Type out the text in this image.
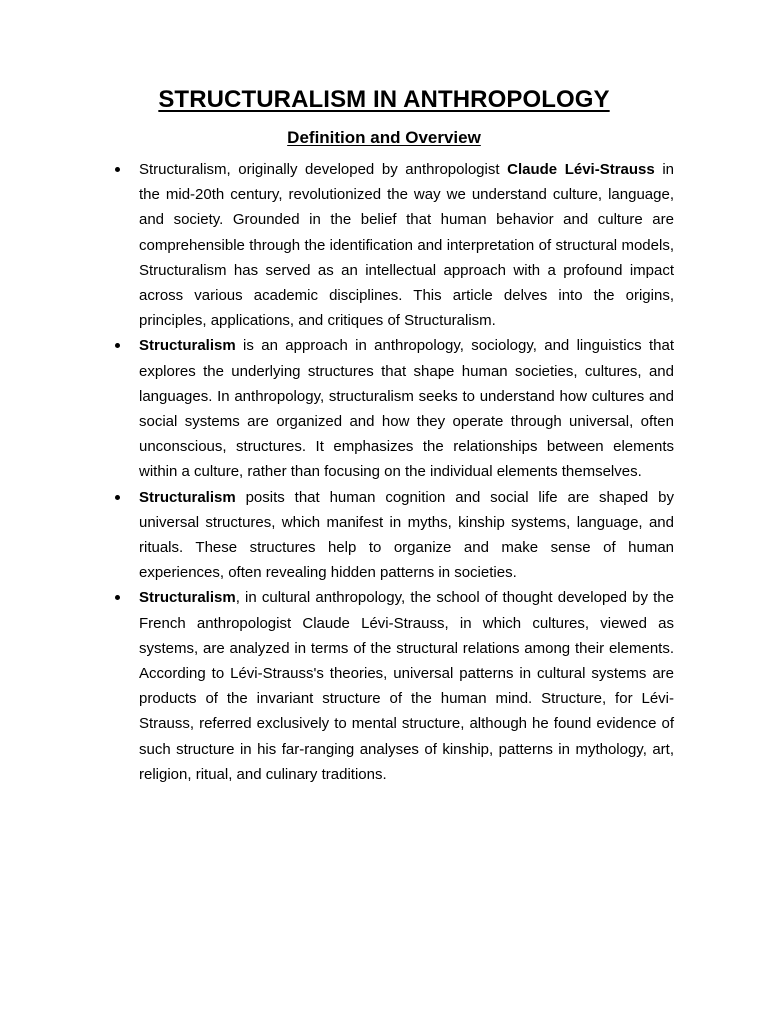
STRUCTURALISM IN ANTHROPOLOGY
Definition and Overview
Structuralism, originally developed by anthropologist Claude Lévi-Strauss in the mid-20th century, revolutionized the way we understand culture, language, and society. Grounded in the belief that human behavior and culture are comprehensible through the identification and interpretation of structural models, Structuralism has served as an intellectual approach with a profound impact across various academic disciplines. This article delves into the origins, principles, applications, and critiques of Structuralism.
Structuralism is an approach in anthropology, sociology, and linguistics that explores the underlying structures that shape human societies, cultures, and languages. In anthropology, structuralism seeks to understand how cultures and social systems are organized and how they operate through universal, often unconscious, structures. It emphasizes the relationships between elements within a culture, rather than focusing on the individual elements themselves.
Structuralism posits that human cognition and social life are shaped by universal structures, which manifest in myths, kinship systems, language, and rituals. These structures help to organize and make sense of human experiences, often revealing hidden patterns in societies.
Structuralism, in cultural anthropology, the school of thought developed by the French anthropologist Claude Lévi-Strauss, in which cultures, viewed as systems, are analyzed in terms of the structural relations among their elements. According to Lévi-Strauss's theories, universal patterns in cultural systems are products of the invariant structure of the human mind. Structure, for Lévi-Strauss, referred exclusively to mental structure, although he found evidence of such structure in his far-ranging analyses of kinship, patterns in mythology, art, religion, ritual, and culinary traditions.
